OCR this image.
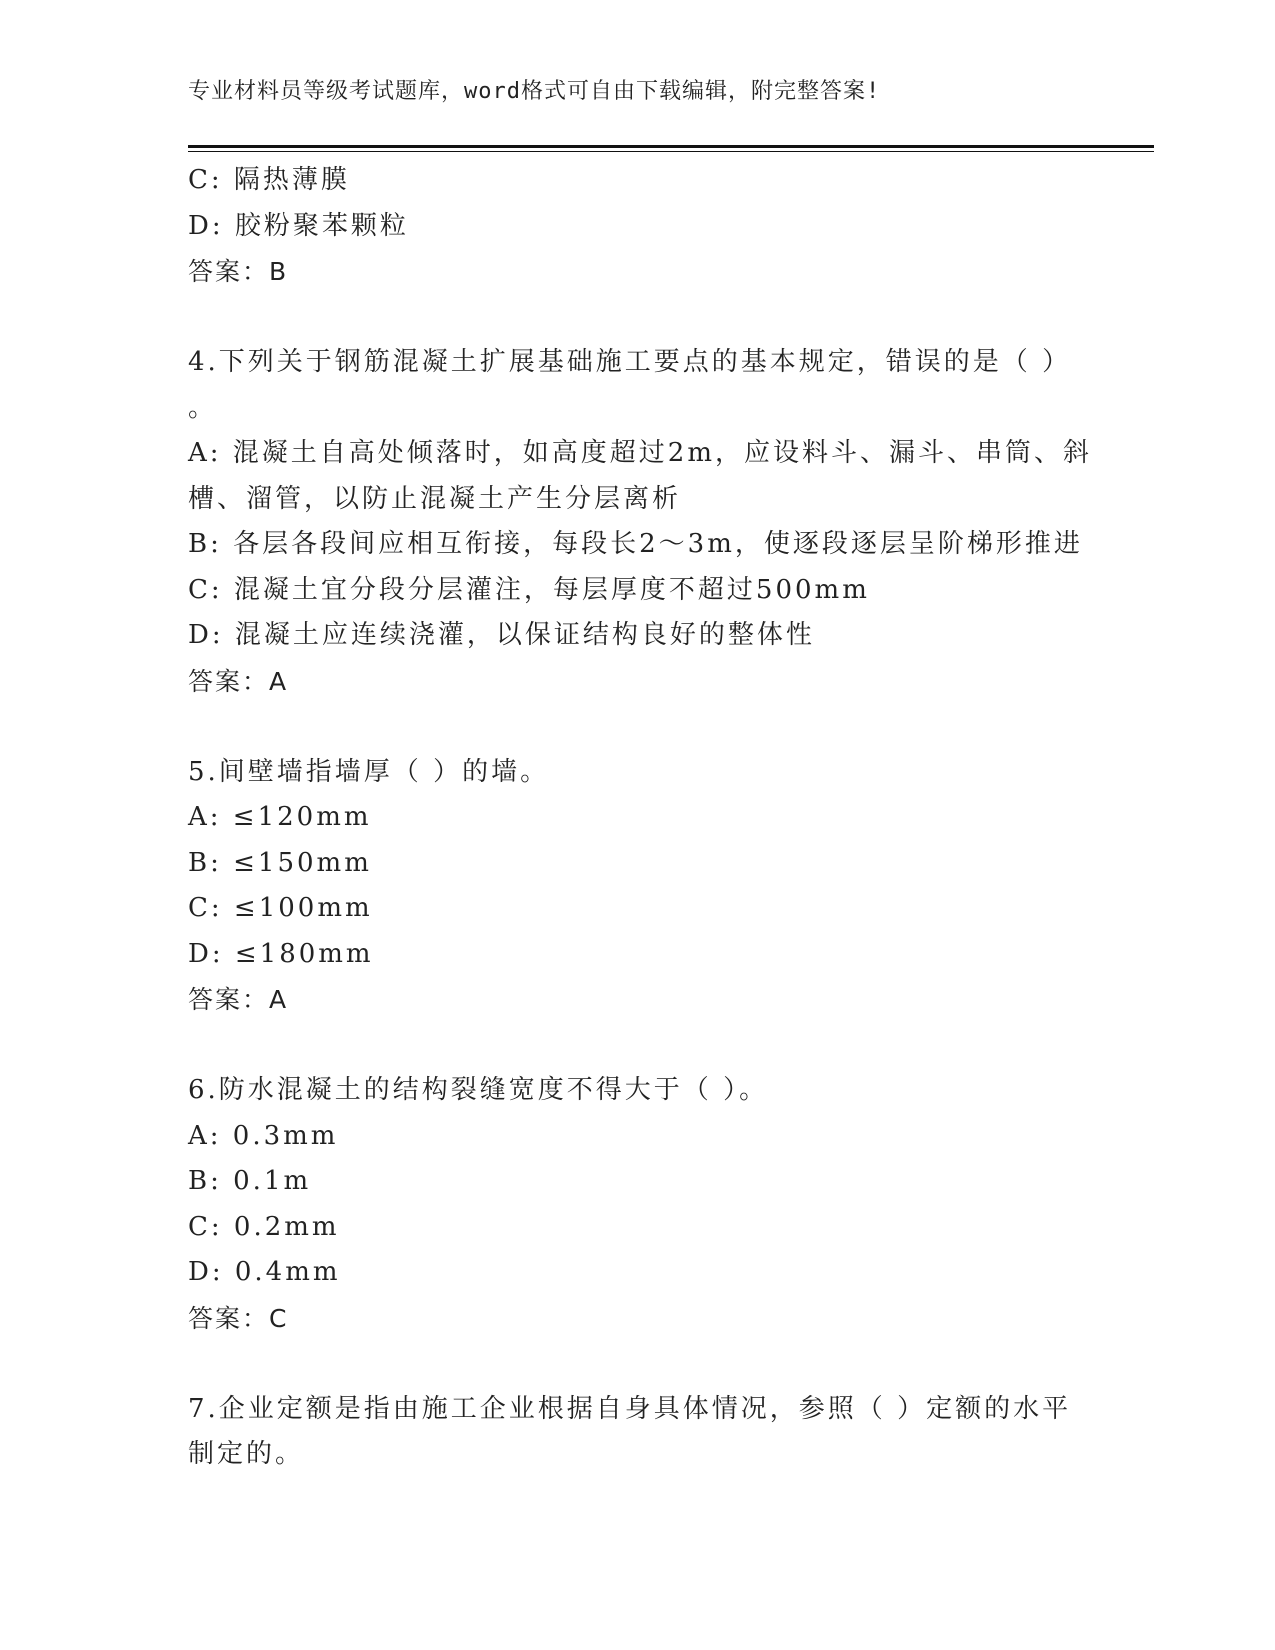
专业材料员等级考试题库，word格式可自由下载编辑，附完整答案!
C: 隔热薄膜
D: 胶粉聚苯颗粒
答案：B
4.下列关于钢筋混凝土扩展基础施工要点的基本规定，错误的是（ ）
。
A: 混凝土自高处倾落时，如高度超过2m，应设料斗、漏斗、串筒、斜
槽、溜管，以防止混凝土产生分层离析
B: 各层各段间应相互衔接，每段长2～3m，使逐段逐层呈阶梯形推进
C: 混凝土宜分段分层灌注，每层厚度不超过500mm
D: 混凝土应连续浇灌，以保证结构良好的整体性
答案：A
5.间壁墙指墙厚（ ）的墙。
A: ≤120mm
B: ≤150mm
C: ≤100mm
D: ≤180mm
答案：A
6.防水混凝土的结构裂缝宽度不得大于（ ）。
A: 0.3mm
B: 0.1m
C: 0.2mm
D: 0.4mm
答案：C
7.企业定额是指由施工企业根据自身具体情况，参照（ ）定额的水平
制定的。
